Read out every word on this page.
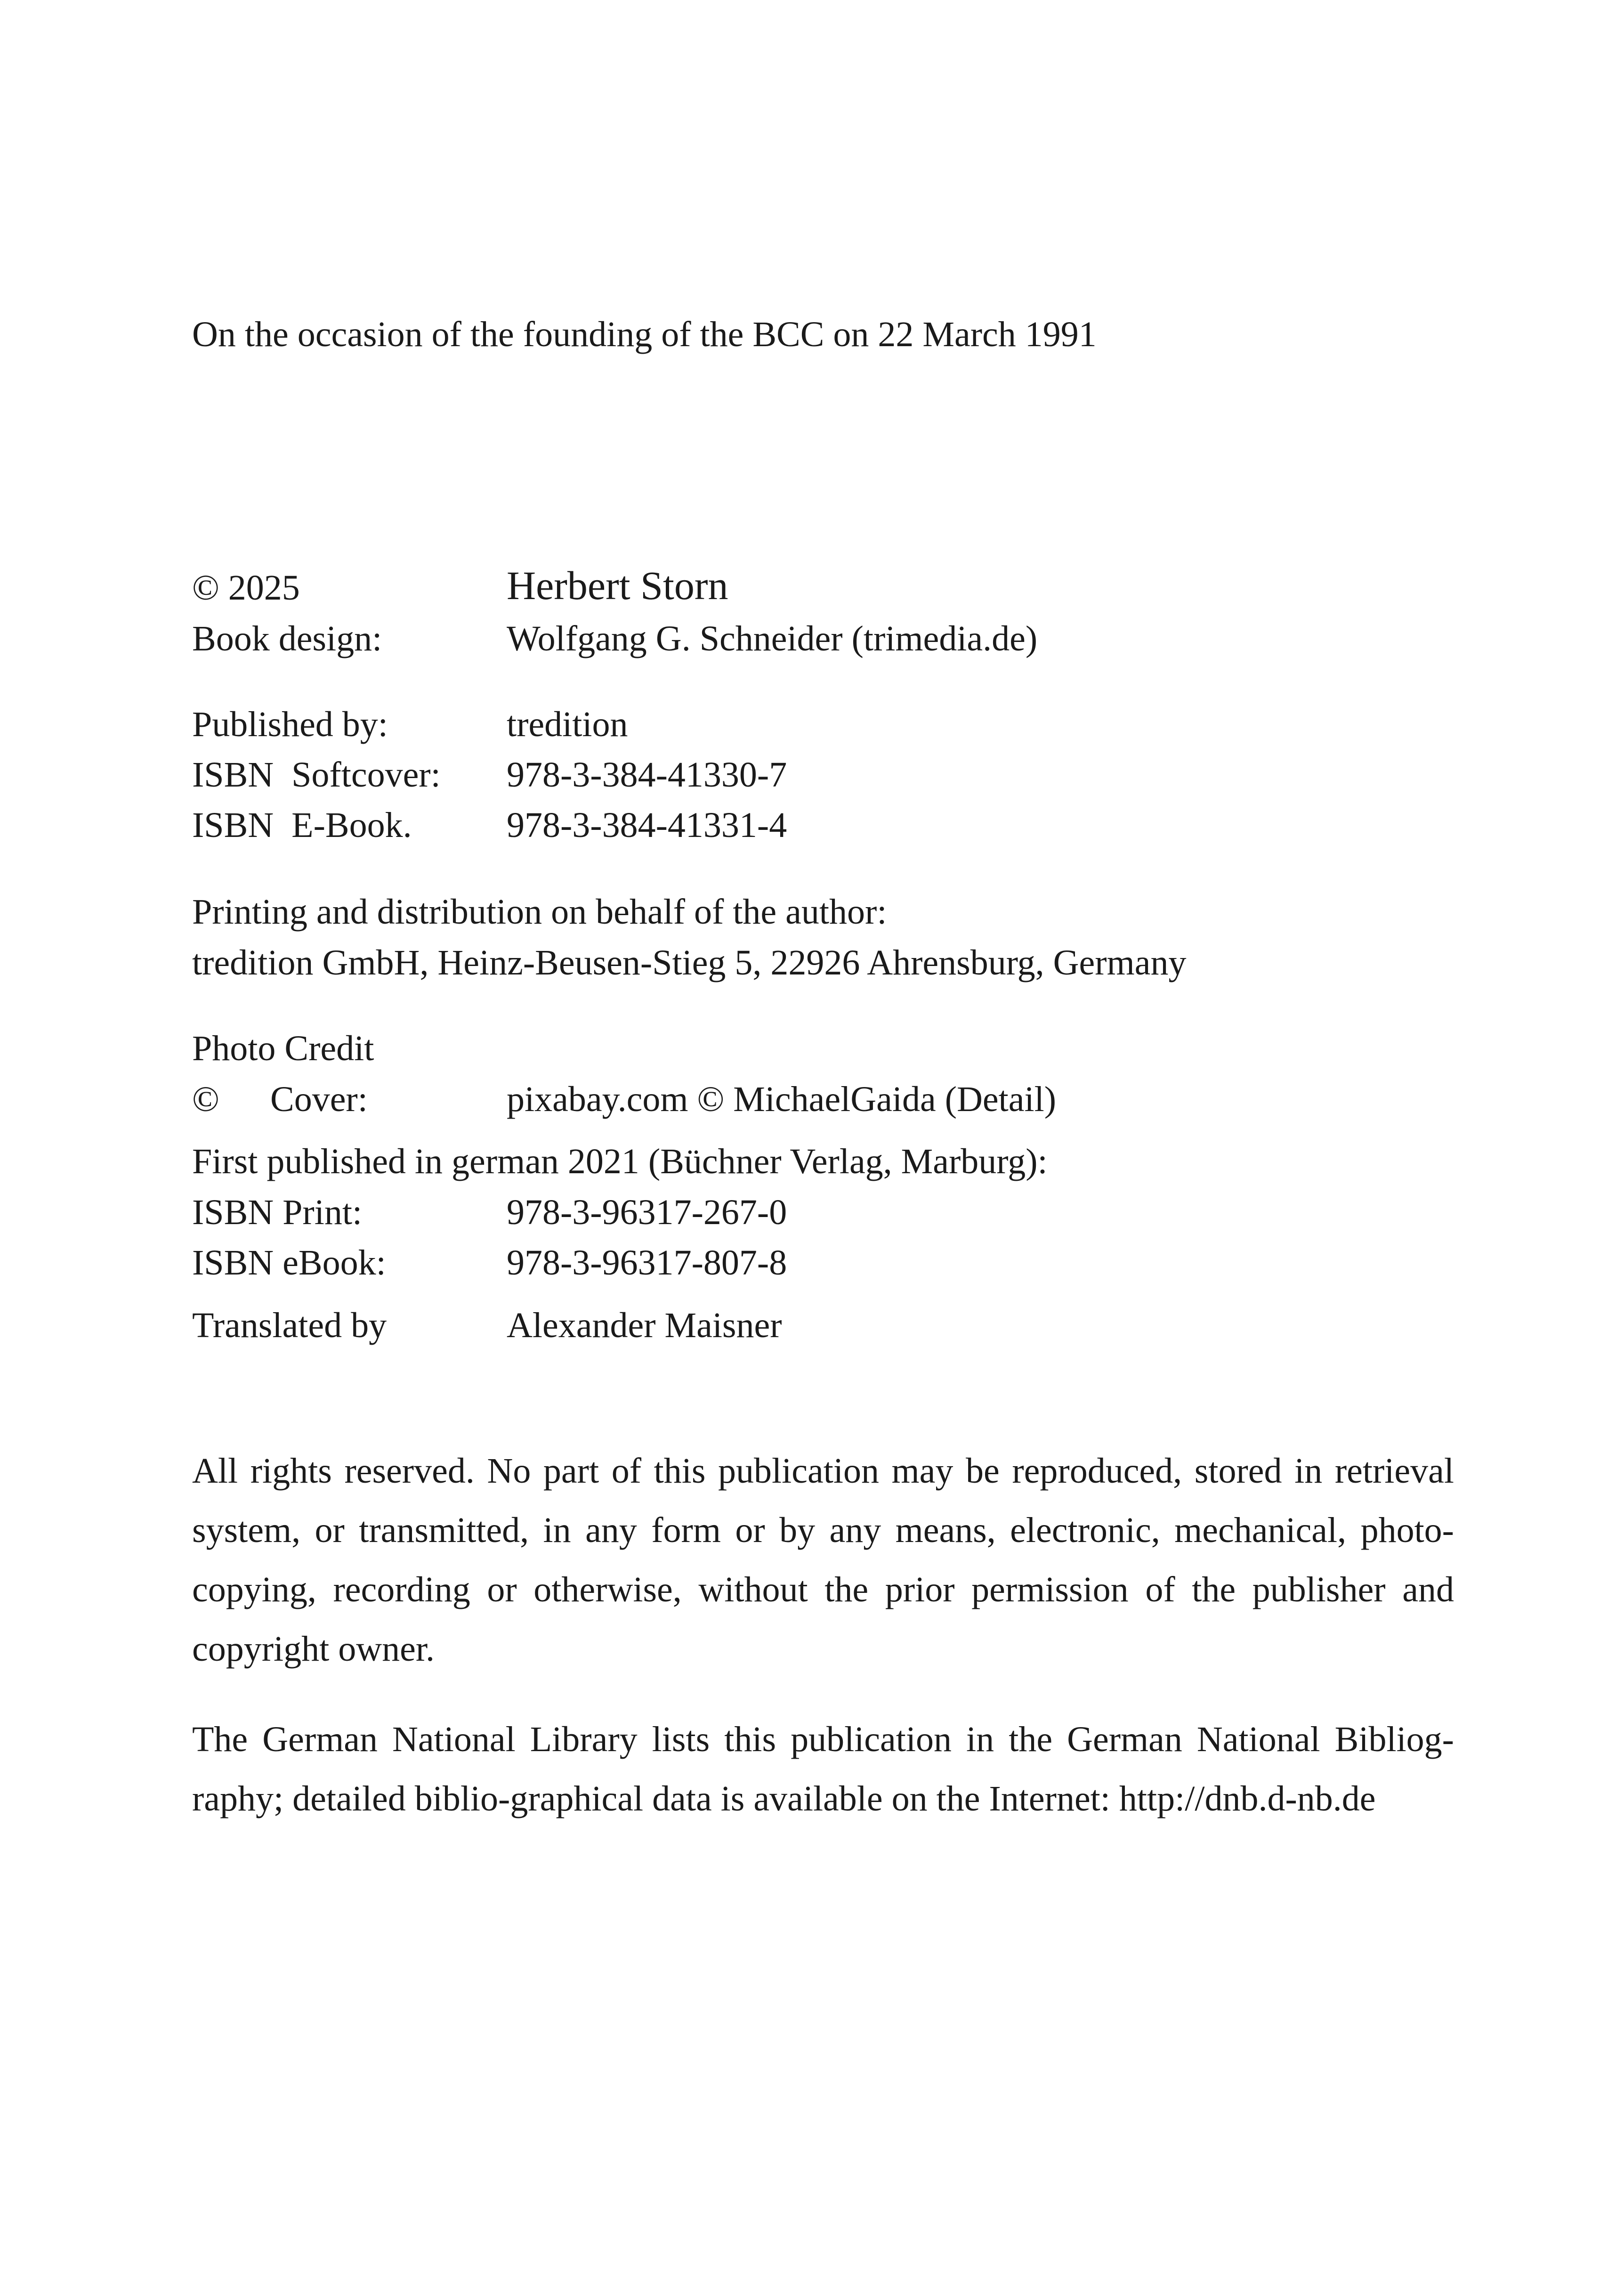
On the occasion of the founding of the BCC on 22 March 1991
© 2025	Herbert Storn
Book design:	Wolfgang G. Schneider (trimedia.de)
Published by:	tredition
ISBN  Softcover: 978-3-384-41330-7
ISBN  E-Book.	978-3-384-41331-4
Printing and distribution on behalf of the author:
tredition GmbH, Heinz-Beusen-Stieg 5, 22926 Ahrensburg, Germany
Photo Credit
© Cover:	pixabay.com © MichaelGaida (Detail)
First published in german 2021 (Büchner Verlag, Marburg):
ISBN Print:	978-3-96317-267-0
ISBN eBook:	978-3-96317-807-8
Translated by	Alexander Maisner
All rights reserved. No part of this publication may be reproduced, stored in retrieval
system, or transmitted, in any form or by any means, electronic, mechanical, photo-
copying, recording or otherwise, without the prior permission of the publisher and
copyright owner.
The German National Library lists this publication in the German National Bibliog-
raphy; detailed biblio-graphical data is available on the Internet: http://dnb.d-nb.de
